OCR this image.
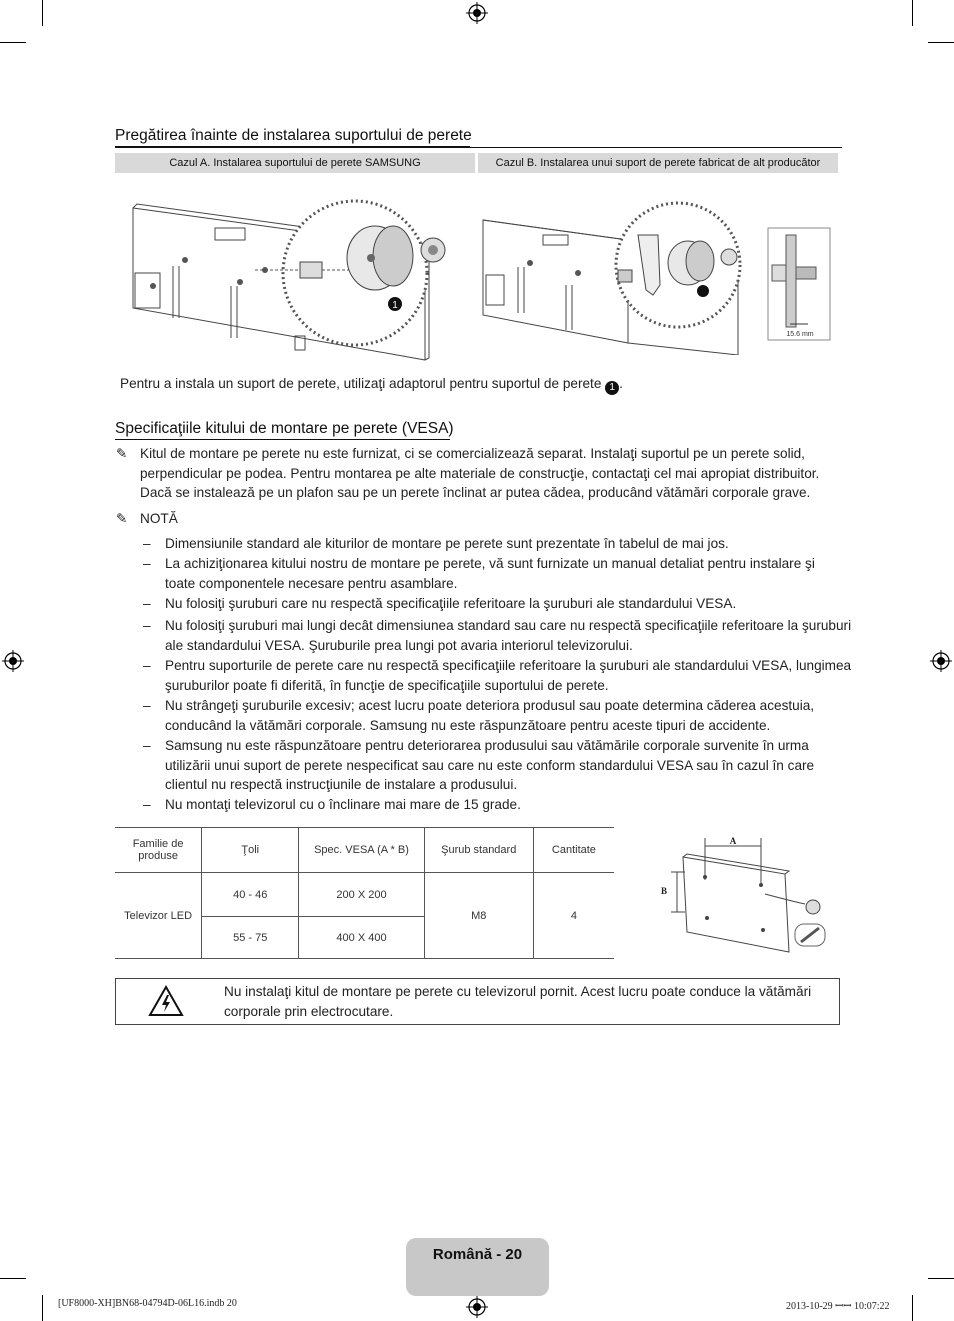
Pregătirea înainte de instalarea suportului de perete
Cazul A. Instalarea suportului de perete SAMSUNG	Cazul B. Instalarea unui suport de perete fabricat de alt producător
1
15.6 mm
Pentru a instala un suport de perete, utilizaţi adaptorul pentru suportul de perete 1 .
Specificaţiile kitului de montare pe perete (VESA)
✎ Kitul de montare pe perete nu este furnizat, ci se comercializează separat. Instalaţi suportul pe un perete solid, perpendicular pe podea. Pentru montarea pe alte materiale de construcţie, contactaţi cel mai apropiat distribuitor. Dacă se instalează pe un plafon sau pe un perete înclinat ar putea cădea, producând vătămări corporale grave.
✎ NOTĂ
– Dimensiunile standard ale kiturilor de montare pe perete sunt prezentate în tabelul de mai jos.
– La achiziţionarea kitului nostru de montare pe perete, vă sunt furnizate un manual detaliat pentru instalare şi toate componentele necesare pentru asamblare.
– Nu folosiţi şuruburi care nu respectă specificaţiile referitoare la şuruburi ale standardului VESA.
– Nu folosiţi şuruburi mai lungi decât dimensiunea standard sau care nu respectă specificaţiile referitoare la şuruburi ale standardului VESA. Şuruburile prea lungi pot avaria interiorul televizorului.
– Pentru suporturile de perete care nu respectă specificaţiile referitoare la şuruburi ale standardului VESA, lungimea şuruburilor poate fi diferită, în funcţie de specificaţiile suportului de perete.
– Nu strângeţi şuruburile excesiv; acest lucru poate deteriora produsul sau poate determina căderea acestuia, conducând la vătămări corporale. Samsung nu este răspunzătoare pentru aceste tipuri de accidente.
– Samsung nu este răspunzătoare pentru deteriorarea produsului sau vătămările corporale survenite în urma utilizării unui suport de perete nespecificat sau care nu este conform standardului VESA sau în cazul în care clientul nu respectă instrucţiunile de instalare a produsului.
– Nu montaţi televizorul cu o înclinare mai mare de 15 grade.
Familie de produse	Ţoli	Spec. VESA (A * B)	Şurub standard	Cantitate
Televizor LED	40 - 46	200 X 200	M8	4
	55 - 75	400 X 400		
A
B
Nu instalaţi kitul de montare pe perete cu televizorul pornit. Acest lucru poate conduce la vătămări corporale prin electrocutare.
Română - 20
[UF8000-XH]BN68-04794D-06L16.indb 20	2013-10-29 ꟷꟷ 10:07:22
